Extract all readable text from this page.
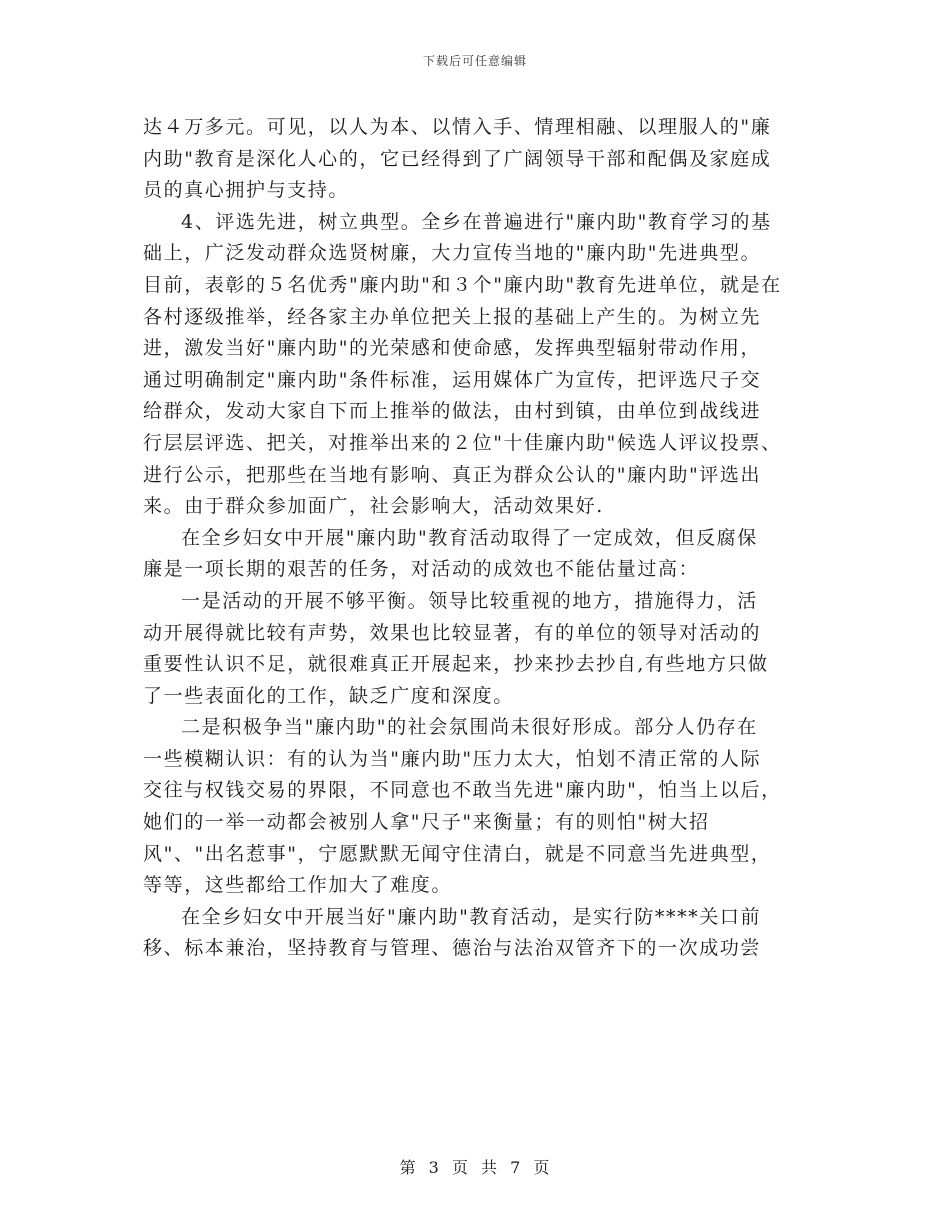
下载后可任意编辑
达４万多元。可见，以人为本、以情入手、情理相融、以理服人的"廉
内助"教育是深化人心的，它已经得到了广阔领导干部和配偶及家庭成
员的真心拥护与支持。
4、评选先进，树立典型。全乡在普遍进行"廉内助"教育学习的基
础上，广泛发动群众选贤树廉，大力宣传当地的"廉内助"先进典型。
目前，表彰的５名优秀"廉内助"和３个"廉内助"教育先进单位，就是在
各村逐级推举，经各家主办单位把关上报的基础上产生的。为树立先
进，激发当好"廉内助"的光荣感和使命感，发挥典型辐射带动作用，
通过明确制定"廉内助"条件标准，运用媒体广为宣传，把评选尺子交
给群众，发动大家自下而上推举的做法，由村到镇，由单位到战线进
行层层评选、把关，对推举出来的２位"十佳廉内助"候选人评议投票、
进行公示，把那些在当地有影响、真正为群众公认的"廉内助"评选出
来。由于群众参加面广，社会影响大，活动效果好.
在全乡妇女中开展"廉内助"教育活动取得了一定成效，但反腐保
廉是一项长期的艰苦的任务，对活动的成效也不能估量过高：
一是活动的开展不够平衡。领导比较重视的地方，措施得力，活
动开展得就比较有声势，效果也比较显著，有的单位的领导对活动的
重要性认识不足，就很难真正开展起来，抄来抄去抄自,有些地方只做
了一些表面化的工作，缺乏广度和深度。
二是积极争当"廉内助"的社会氛围尚未很好形成。部分人仍存在
一些模糊认识：有的认为当"廉内助"压力太大，怕划不清正常的人际
交往与权钱交易的界限，不同意也不敢当先进"廉内助"，怕当上以后，
她们的一举一动都会被别人拿"尺子"来衡量；有的则怕"树大招
风"、"出名惹事"，宁愿默默无闻守住清白，就是不同意当先进典型，
等等，这些都给工作加大了难度。
在全乡妇女中开展当好"廉内助"教育活动，是实行防****关口前
移、标本兼治，坚持教育与管理、德治与法治双管齐下的一次成功尝
第 3 页 共 7 页
